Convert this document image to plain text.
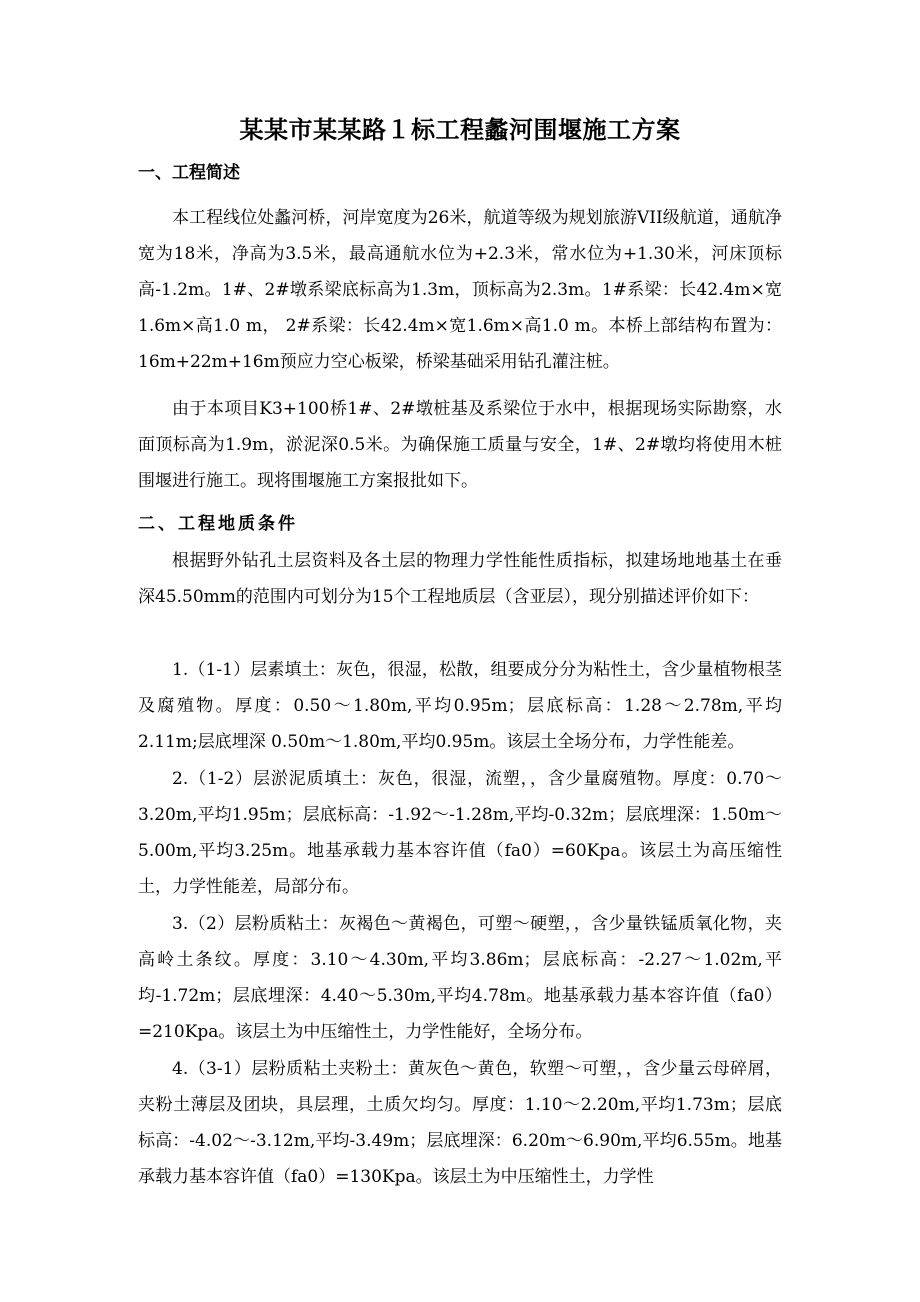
某某市某某路１标工程蠡河围堰施工方案
一、工程简述

本工程线位处蠡河桥，河岸宽度为26米，航道等级为规划旅游VII级航道，通航净宽为18米，净高为3.5米，最高通航水位为+2.3米，常水位为+1.30米，河床顶标高-1.2m。1#、2#墩系梁底标高为1.3m，顶标高为2.3m。1#系梁：长42.4m×宽1.6m×高1.0 m， 2#系梁：长42.4m×宽1.6m×高1.0 m。本桥上部结构布置为：16m+22m+16m预应力空心板梁，桥梁基础采用钻孔灌注桩。

由于本项目K3+100桥1#、2#墩桩基及系梁位于水中，根据现场实际勘察，水面顶标高为1.9m，淤泥深0.5米。为确保施工质量与安全，1#、2#墩均将使用木桩围堰进行施工。现将围堰施工方案报批如下。

二、工程地质条件

根据野外钻孔土层资料及各土层的物理力学性能性质指标，拟建场地地基土在垂深45.50mm的范围内可划分为15个工程地质层（含亚层），现分别描述评价如下：

1.（1-1）层素填土：灰色，很湿，松散，组要成分分为粘性土，含少量植物根茎及腐殖物。厚度：0.50～1.80m,平均0.95m；层底标高：1.28～2.78m,平均2.11m;层底埋深 0.50m～1.80m,平均0.95m。该层土全场分布，力学性能差。

2.（1-2）层淤泥质填土：灰色，很湿，流塑，，含少量腐殖物。厚度：0.70～3.20m,平均1.95m；层底标高：-1.92～-1.28m,平均-0.32m；层底埋深：1.50m～5.00m,平均3.25m。地基承载力基本容许值（fa0）=60Kpa。该层土为高压缩性土，力学性能差，局部分布。

3.（2）层粉质粘土：灰褐色～黄褐色，可塑～硬塑，，含少量铁锰质氧化物，夹高岭土条纹。厚度：3.10～4.30m,平均3.86m；层底标高：-2.27～1.02m,平均-1.72m；层底埋深：4.40～5.30m,平均4.78m。地基承载力基本容许值（fa0）=210Kpa。该层土为中压缩性土，力学性能好，全场分布。

4.（3-1）层粉质粘土夹粉土：黄灰色～黄色，软塑～可塑，，含少量云母碎屑，夹粉土薄层及团块，具层理，土质欠均匀。厚度：1.10～2.20m,平均1.73m；层底标高：-4.02～-3.12m,平均-3.49m；层底埋深：6.20m～6.90m,平均6.55m。地基承载力基本容许值（fa0）=130Kpa。该层土为中压缩性土，力学性
